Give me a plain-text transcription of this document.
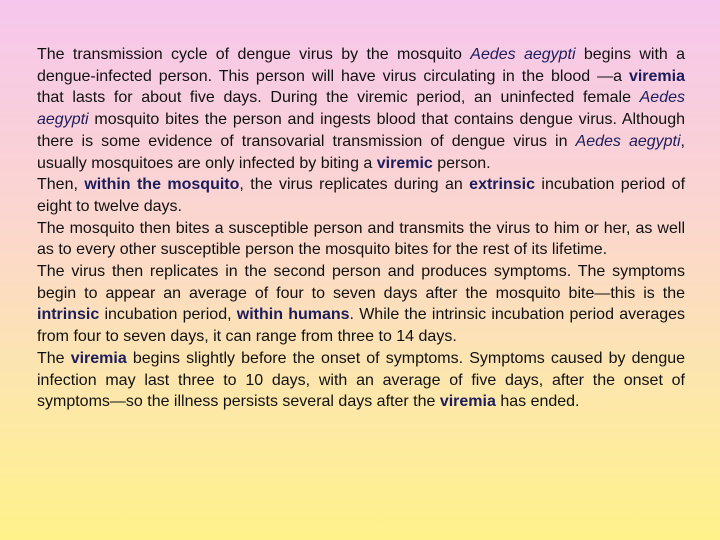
The transmission cycle of dengue virus by the mosquito Aedes aegypti begins with a dengue-infected person. This person will have virus circulating in the blood —a viremia that lasts for about five days. During the viremic period, an uninfected female Aedes aegypti mosquito bites the person and ingests blood that contains dengue virus. Although there is some evidence of transovarial transmission of dengue virus in Aedes aegypti, usually mosquitoes are only infected by biting a viremic person.

Then, within the mosquito, the virus replicates during an extrinsic incubation period of eight to twelve days.

The mosquito then bites a susceptible person and transmits the virus to him or her, as well as to every other susceptible person the mosquito bites for the rest of its lifetime.

The virus then replicates in the second person and produces symptoms. The symptoms begin to appear an average of four to seven days after the mosquito bite—this is the intrinsic incubation period, within humans. While the intrinsic incubation period averages from four to seven days, it can range from three to 14 days.

The viremia begins slightly before the onset of symptoms. Symptoms caused by dengue infection may last three to 10 days, with an average of five days, after the onset of symptoms—so the illness persists several days after the viremia has ended.
